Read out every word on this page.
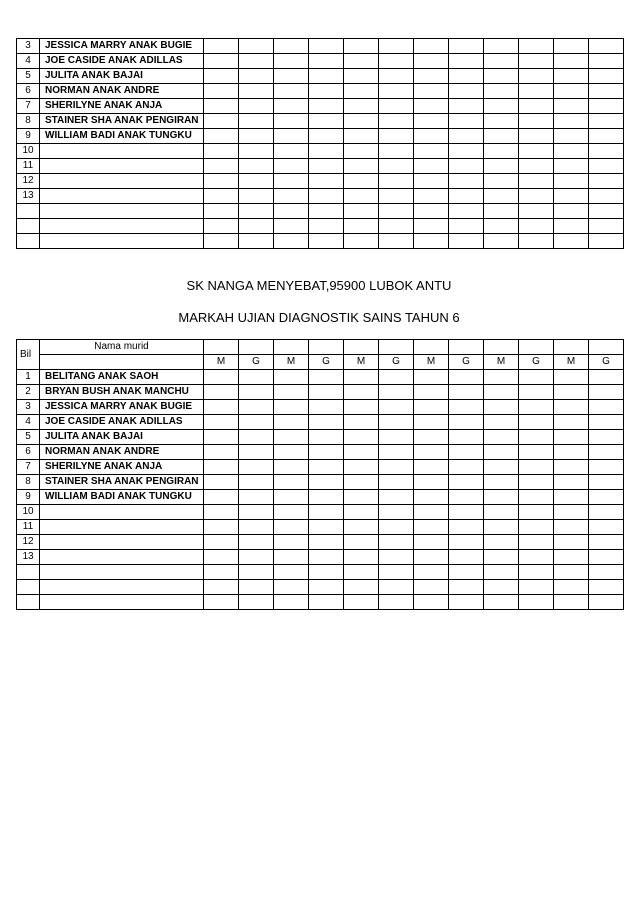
3	JESSICA MARRY ANAK BUGIE												
4	JOE CASIDE ANAK ADILLAS												
5	JULITA ANAK BAJAI												
6	NORMAN ANAK ANDRE												
7	SHERILYNE ANAK ANJA												
8	STAINER SHA ANAK PENGIRAN												
9	WILLIAM BADI ANAK TUNGKU												
10													
11													
12													
13													

SK NANGA MENYEBAT,95900 LUBOK ANTU
MARKAH UJIAN DIAGNOSTIK SAINS TAHUN 6
Bil	Nama murid												
		M	G	M	G	M	G	M	G	M	G	M	G
1	BELITANG ANAK SAOH												
2	BRYAN BUSH ANAK MANCHU												
3	JESSICA MARRY ANAK BUGIE												
4	JOE CASIDE ANAK ADILLAS												
5	JULITA ANAK BAJAI												
6	NORMAN ANAK ANDRE												
7	SHERILYNE ANAK ANJA												
8	STAINER SHA ANAK PENGIRAN												
9	WILLIAM BADI ANAK TUNGKU												
10													
11													
12													
13													
